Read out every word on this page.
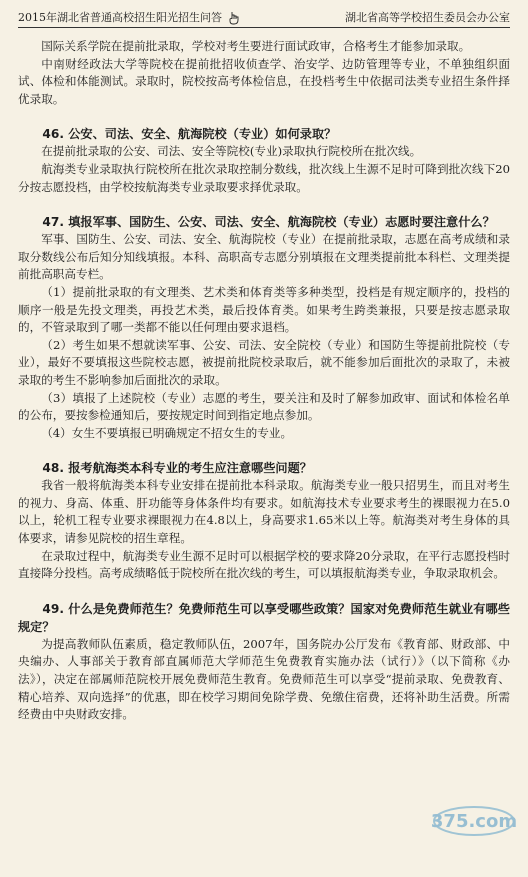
2015年湖北省普通高校招生阳光招生问答	湖北省高等学校招生委员会办公室

国际关系学院在提前批录取，学校对考生要进行面试政审，合格考生才能参加录取。

中南财经政法大学等院校在提前批招收侦查学、治安学、边防管理等专业，不单独组织面试、体检和体能测试。录取时，院校按高考体检信息，在投档考生中依据司法类专业招生条件择优录取。

46. 公安、司法、安全、航海院校（专业）如何录取？

在提前批录取的公安、司法、安全等院校(专业)录取执行院校所在批次线。

航海类专业录取执行院校所在批次录取控制分数线，批次线上生源不足时可降到批次线下20分按志愿投档，由学校按航海类专业录取要求择优录取。

47. 填报军事、国防生、公安、司法、安全、航海院校（专业）志愿时要注意什么？

军事、国防生、公安、司法、安全、航海院校（专业）在提前批录取，志愿在高考成绩和录取分数线公布后知分知线填报。本科、高职高专志愿分别填报在文理类提前批本科栏、文理类提前批高职高专栏。

（1）提前批录取的有文理类、艺术类和体育类等多种类型，投档是有规定顺序的，投档的顺序一般是先投文理类，再投艺术类，最后投体育类。如果考生跨类兼报，只要是按志愿录取的，不管录取到了哪一类都不能以任何理由要求退档。

（2）考生如果不想就读军事、公安、司法、安全院校（专业）和国防生等提前批院校（专业），最好不要填报这些院校志愿，被提前批院校录取后，就不能参加后面批次的录取了，未被录取的考生不影响参加后面批次的录取。

（3）填报了上述院校（专业）志愿的考生，要关注和及时了解参加政审、面试和体检名单的公布，要按参检通知后，要按规定时间到指定地点参加。

（4）女生不要填报已明确规定不招女生的专业。

48. 报考航海类本科专业的考生应注意哪些问题？

我省一般将航海类本科专业安排在提前批本科录取。航海类专业一般只招男生，而且对考生的视力、身高、体重、肝功能等身体条件均有要求。如航海技术专业要求考生的裸眼视力在5.0以上，轮机工程专业要求裸眼视力在4.8以上，身高要求1.65米以上等。航海类对考生身体的具体要求，请参见院校的招生章程。

在录取过程中，航海类专业生源不足时可以根据学校的要求降20分录取，在平行志愿投档时直接降分投档。高考成绩略低于院校所在批次线的考生，可以填报航海类专业，争取录取机会。

49. 什么是免费师范生？免费师范生可以享受哪些政策？国家对免费师范生就业有哪些规定？

为提高教师队伍素质，稳定教师队伍，2007年，国务院办公厅发布《教育部、财政部、中央编办、人事部关于教育部直属师范大学师范生免费教育实施办法（试行）》（以下简称《办法》），决定在部属师范院校开展免费师范生教育。免费师范生可以享受“提前录取、免费教育、精心培养、双向选择”的优惠，即在校学习期间免除学费、免缴住宿费，还将补助生活费。所需经费由中央财政安排。

375.com
